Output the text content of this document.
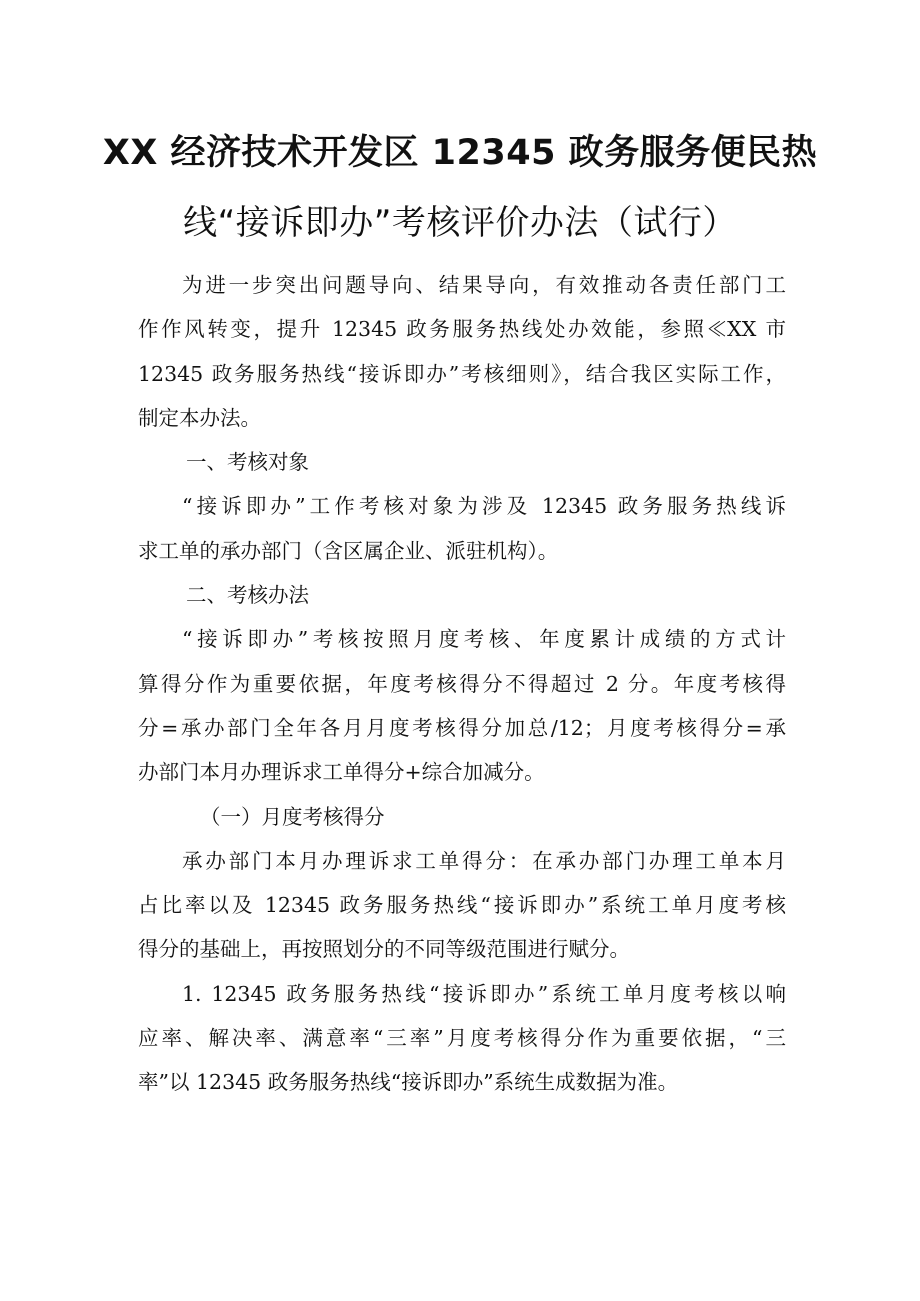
XX 经济技术开发区 12345 政务服务便民热
线“接诉即办”考核评价办法（试行）
为进一步突出问题导向、结果导向，有效推动各责任部门工
作作风转变，提升 12345 政务服务热线处办效能，参照≪XX 市
12345 政务服务热线“接诉即办”考核细则》，结合我区实际工作，
制定本办法。
一、考核对象
“接诉即办”工作考核对象为涉及 12345 政务服务热线诉
求工单的承办部门（含区属企业、派驻机构）。
二、考核办法
“接诉即办”考核按照月度考核、年度累计成绩的方式计
算得分作为重要依据，年度考核得分不得超过 2 分。年度考核得
分=承办部门全年各月月度考核得分加总/12；月度考核得分=承
办部门本月办理诉求工单得分+综合加减分。
（一）月度考核得分
承办部门本月办理诉求工单得分：在承办部门办理工单本月
占比率以及 12345 政务服务热线“接诉即办”系统工单月度考核
得分的基础上，再按照划分的不同等级范围进行赋分。
1. 12345 政务服务热线“接诉即办”系统工单月度考核以响
应率、解决率、满意率“三率”月度考核得分作为重要依据，“三
率”以 12345 政务服务热线“接诉即办”系统生成数据为准。
